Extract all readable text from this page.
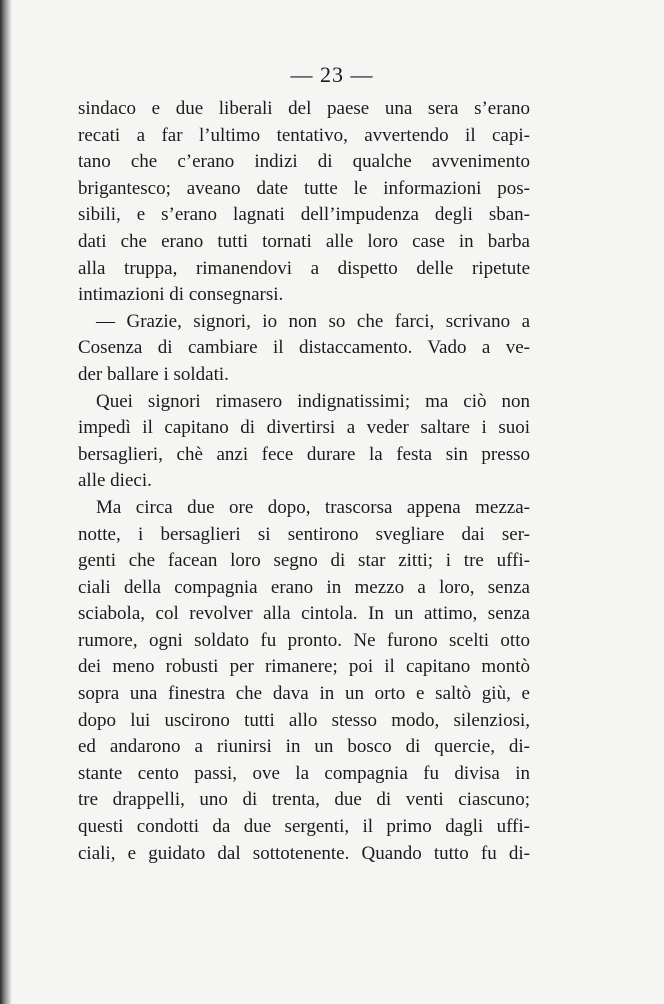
— 23 —
sindaco e due liberali del paese una sera s’erano
recati a far l’ultimo tentativo, avvertendo il capi-
tano che c’erano indizi di qualche avvenimento
brigantesco; aveano date tutte le informazioni pos-
sibili, e s’erano lagnati dell’impudenza degli sban-
dati che erano tutti tornati alle loro case in barba
alla truppa, rimanendovi a dispetto delle ripetute
intimazioni di consegnarsi.
— Grazie, signori, io non so che farci, scrivano a
Cosenza di cambiare il distaccamento. Vado a ve-
der ballare i soldati.
Quei signori rimasero indignatissimi; ma ciò non
impedì il capitano di divertirsi a veder saltare i suoi
bersaglieri, chè anzi fece durare la festa sin presso
alle dieci.
Ma circa due ore dopo, trascorsa appena mezza-
notte, i bersaglieri si sentirono svegliare dai ser-
genti che facean loro segno di star zitti; i tre uffi-
ciali della compagnia erano in mezzo a loro, senza
sciabola, col revolver alla cintola. In un attimo, senza
rumore, ogni soldato fu pronto. Ne furono scelti otto
dei meno robusti per rimanere; poi il capitano montò
sopra una finestra che dava in un orto e saltò giù, e
dopo lui uscirono tutti allo stesso modo, silenziosi,
ed andarono a riunirsi in un bosco di quercie, di-
stante cento passi, ove la compagnia fu divisa in
tre drappelli, uno di trenta, due di venti ciascuno;
questi condotti da due sergenti, il primo dagli uffi-
ciali, e guidato dal sottotenente. Quando tutto fu di-
